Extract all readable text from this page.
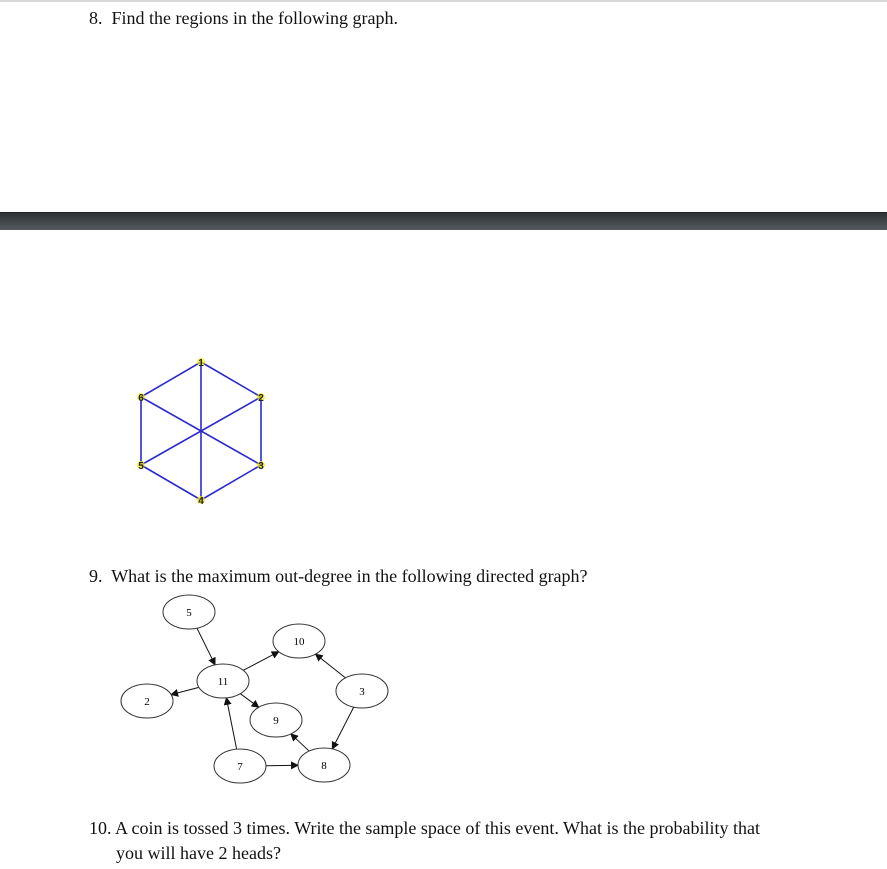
8. Find the regions in the following graph.
1
2
3
4
5
6
9. What is the maximum out-degree in the following directed graph?
5
10
11
2
3
9
7	8
10. A coin is tossed 3 times. Write the sample space of this event. What is the probability that
you will have 2 heads?
